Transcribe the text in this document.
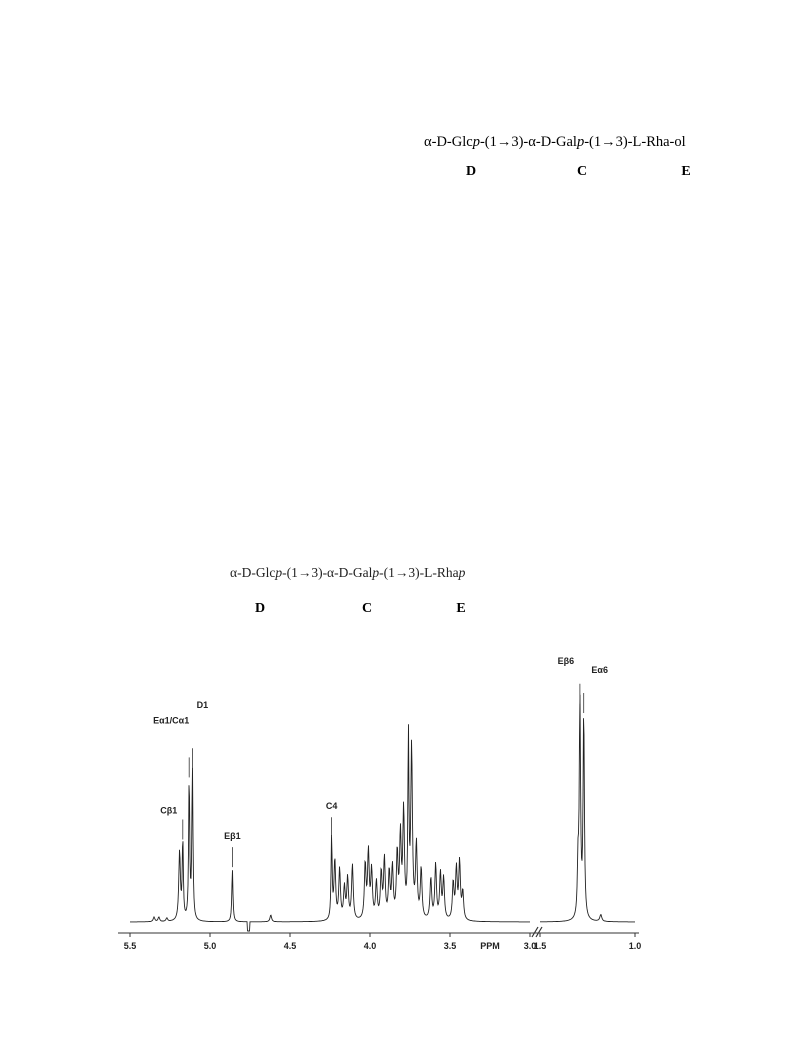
α-D-Glcp-(1→3)-α-D-Galp-(1→3)-L-Rha-ol
D	C	E
α-D-Glcp-(1→3)-α-D-Galp-(1→3)-L-Rhap
D	C	E
5.5	5.0	4.5	4.0	3.5	PPM	3.0
1.5	1.0
Eα1/Cα1
D1
Cβ1
Eβ1
C4
Eβ6
Eα6
